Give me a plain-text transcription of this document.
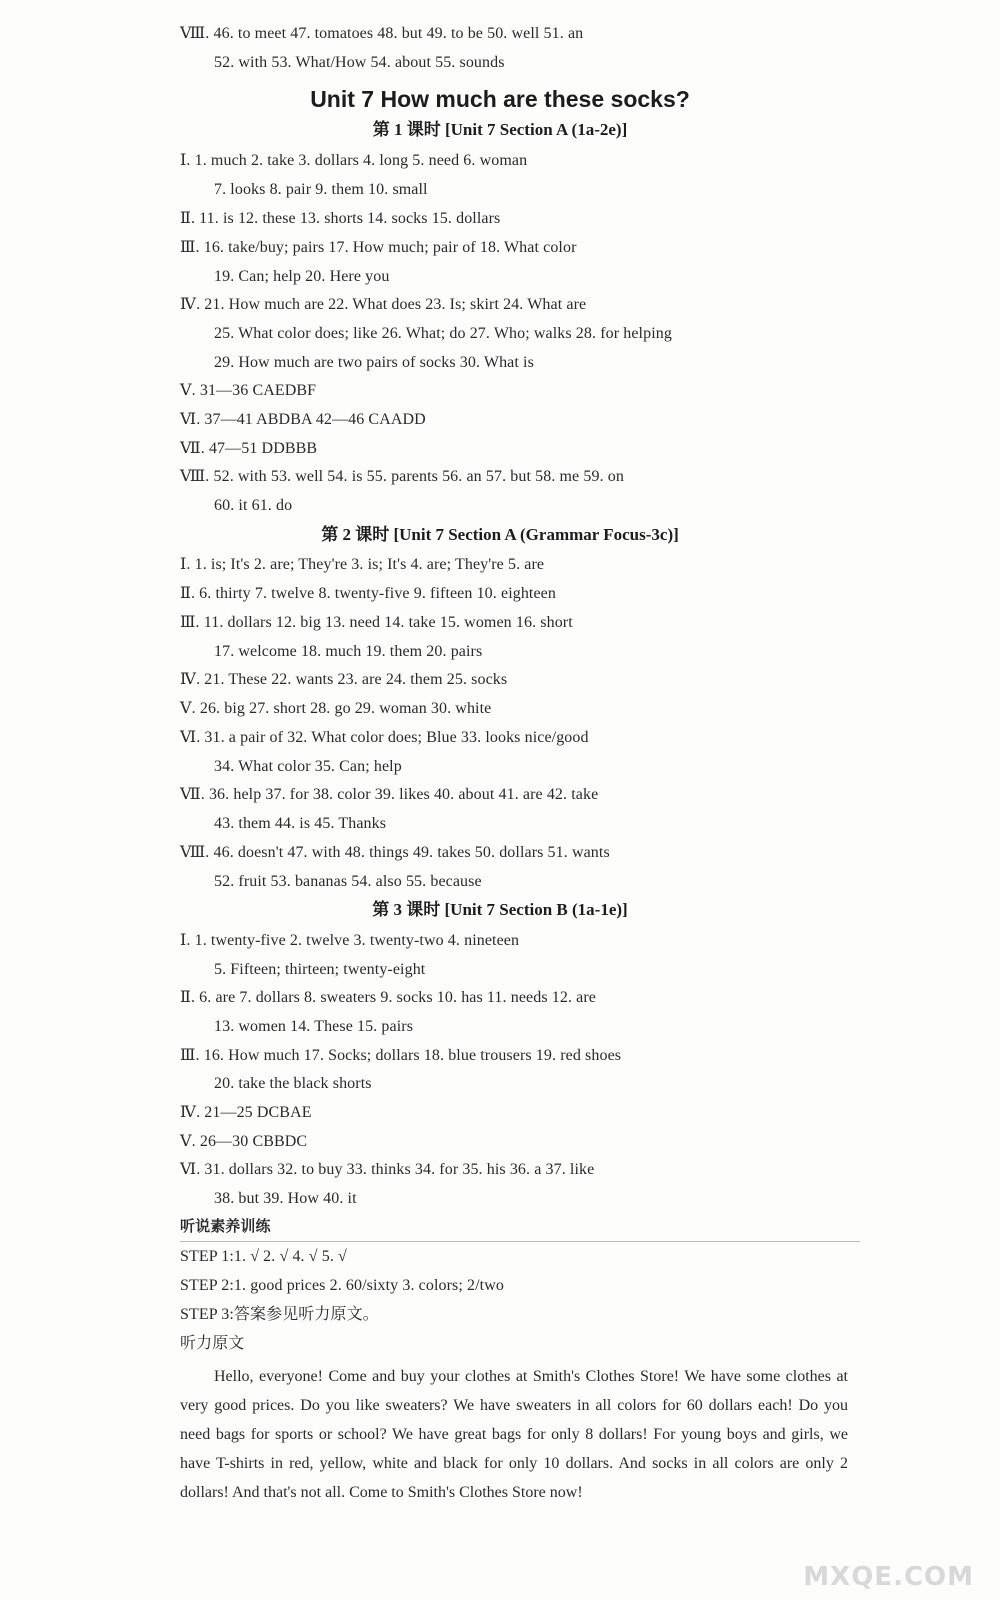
Ⅷ. 46. to meet 47. tomatoes 48. but 49. to be 50. well 51. an
52. with 53. What/How 54. about 55. sounds
Unit 7 How much are these socks?
第 1 课时 [Unit 7 Section A (1a-2e)]
Ⅰ. 1. much 2. take 3. dollars 4. long 5. need 6. woman
7. looks 8. pair 9. them 10. small
Ⅱ. 11. is 12. these 13. shorts 14. socks 15. dollars
Ⅲ. 16. take/buy; pairs 17. How much; pair of 18. What color
19. Can; help 20. Here you
Ⅳ. 21. How much are 22. What does 23. Is; skirt 24. What are
25. What color does; like 26. What; do 27. Who; walks 28. for helping
29. How much are two pairs of socks 30. What is
Ⅴ. 31—36 CAEDBF
Ⅵ. 37—41 ABDBA 42—46 CAADD
Ⅶ. 47—51 DDBBB
Ⅷ. 52. with 53. well 54. is 55. parents 56. an 57. but 58. me 59. on
60. it 61. do
第 2 课时 [Unit 7 Section A (Grammar Focus-3c)]
Ⅰ. 1. is; It's 2. are; They're 3. is; It's 4. are; They're 5. are
Ⅱ. 6. thirty 7. twelve 8. twenty-five 9. fifteen 10. eighteen
Ⅲ. 11. dollars 12. big 13. need 14. take 15. women 16. short
17. welcome 18. much 19. them 20. pairs
Ⅳ. 21. These 22. wants 23. are 24. them 25. socks
Ⅴ. 26. big 27. short 28. go 29. woman 30. white
Ⅵ. 31. a pair of 32. What color does; Blue 33. looks nice/good
34. What color 35. Can; help
Ⅶ. 36. help 37. for 38. color 39. likes 40. about 41. are 42. take
43. them 44. is 45. Thanks
Ⅷ. 46. doesn't 47. with 48. things 49. takes 50. dollars 51. wants
52. fruit 53. bananas 54. also 55. because
第 3 课时 [Unit 7 Section B (1a-1e)]
Ⅰ. 1. twenty-five 2. twelve 3. twenty-two 4. nineteen
5. Fifteen; thirteen; twenty-eight
Ⅱ. 6. are 7. dollars 8. sweaters 9. socks 10. has 11. needs 12. are
13. women 14. These 15. pairs
Ⅲ. 16. How much 17. Socks; dollars 18. blue trousers 19. red shoes
20. take the black shorts
Ⅳ. 21—25 DCBAE
Ⅴ. 26—30 CBBDC
Ⅵ. 31. dollars 32. to buy 33. thinks 34. for 35. his 36. a 37. like
38. but 39. How 40. it
听说素养训练
STEP 1:1. √ 2. √ 4. √ 5. √
STEP 2:1. good prices 2. 60/sixty 3. colors; 2/two
STEP 3:答案参见听力原文。
听力原文
Hello, everyone! Come and buy your clothes at Smith's Clothes Store! We have some clothes at very good prices. Do you like sweaters? We have sweaters in all colors for 60 dollars each! Do you need bags for sports or school? We have great bags for only 8 dollars! For young boys and girls, we have T-shirts in red, yellow, white and black for only 10 dollars. And socks in all colors are only 2 dollars! And that's not all. Come to Smith's Clothes Store now!
MXQE.COM
